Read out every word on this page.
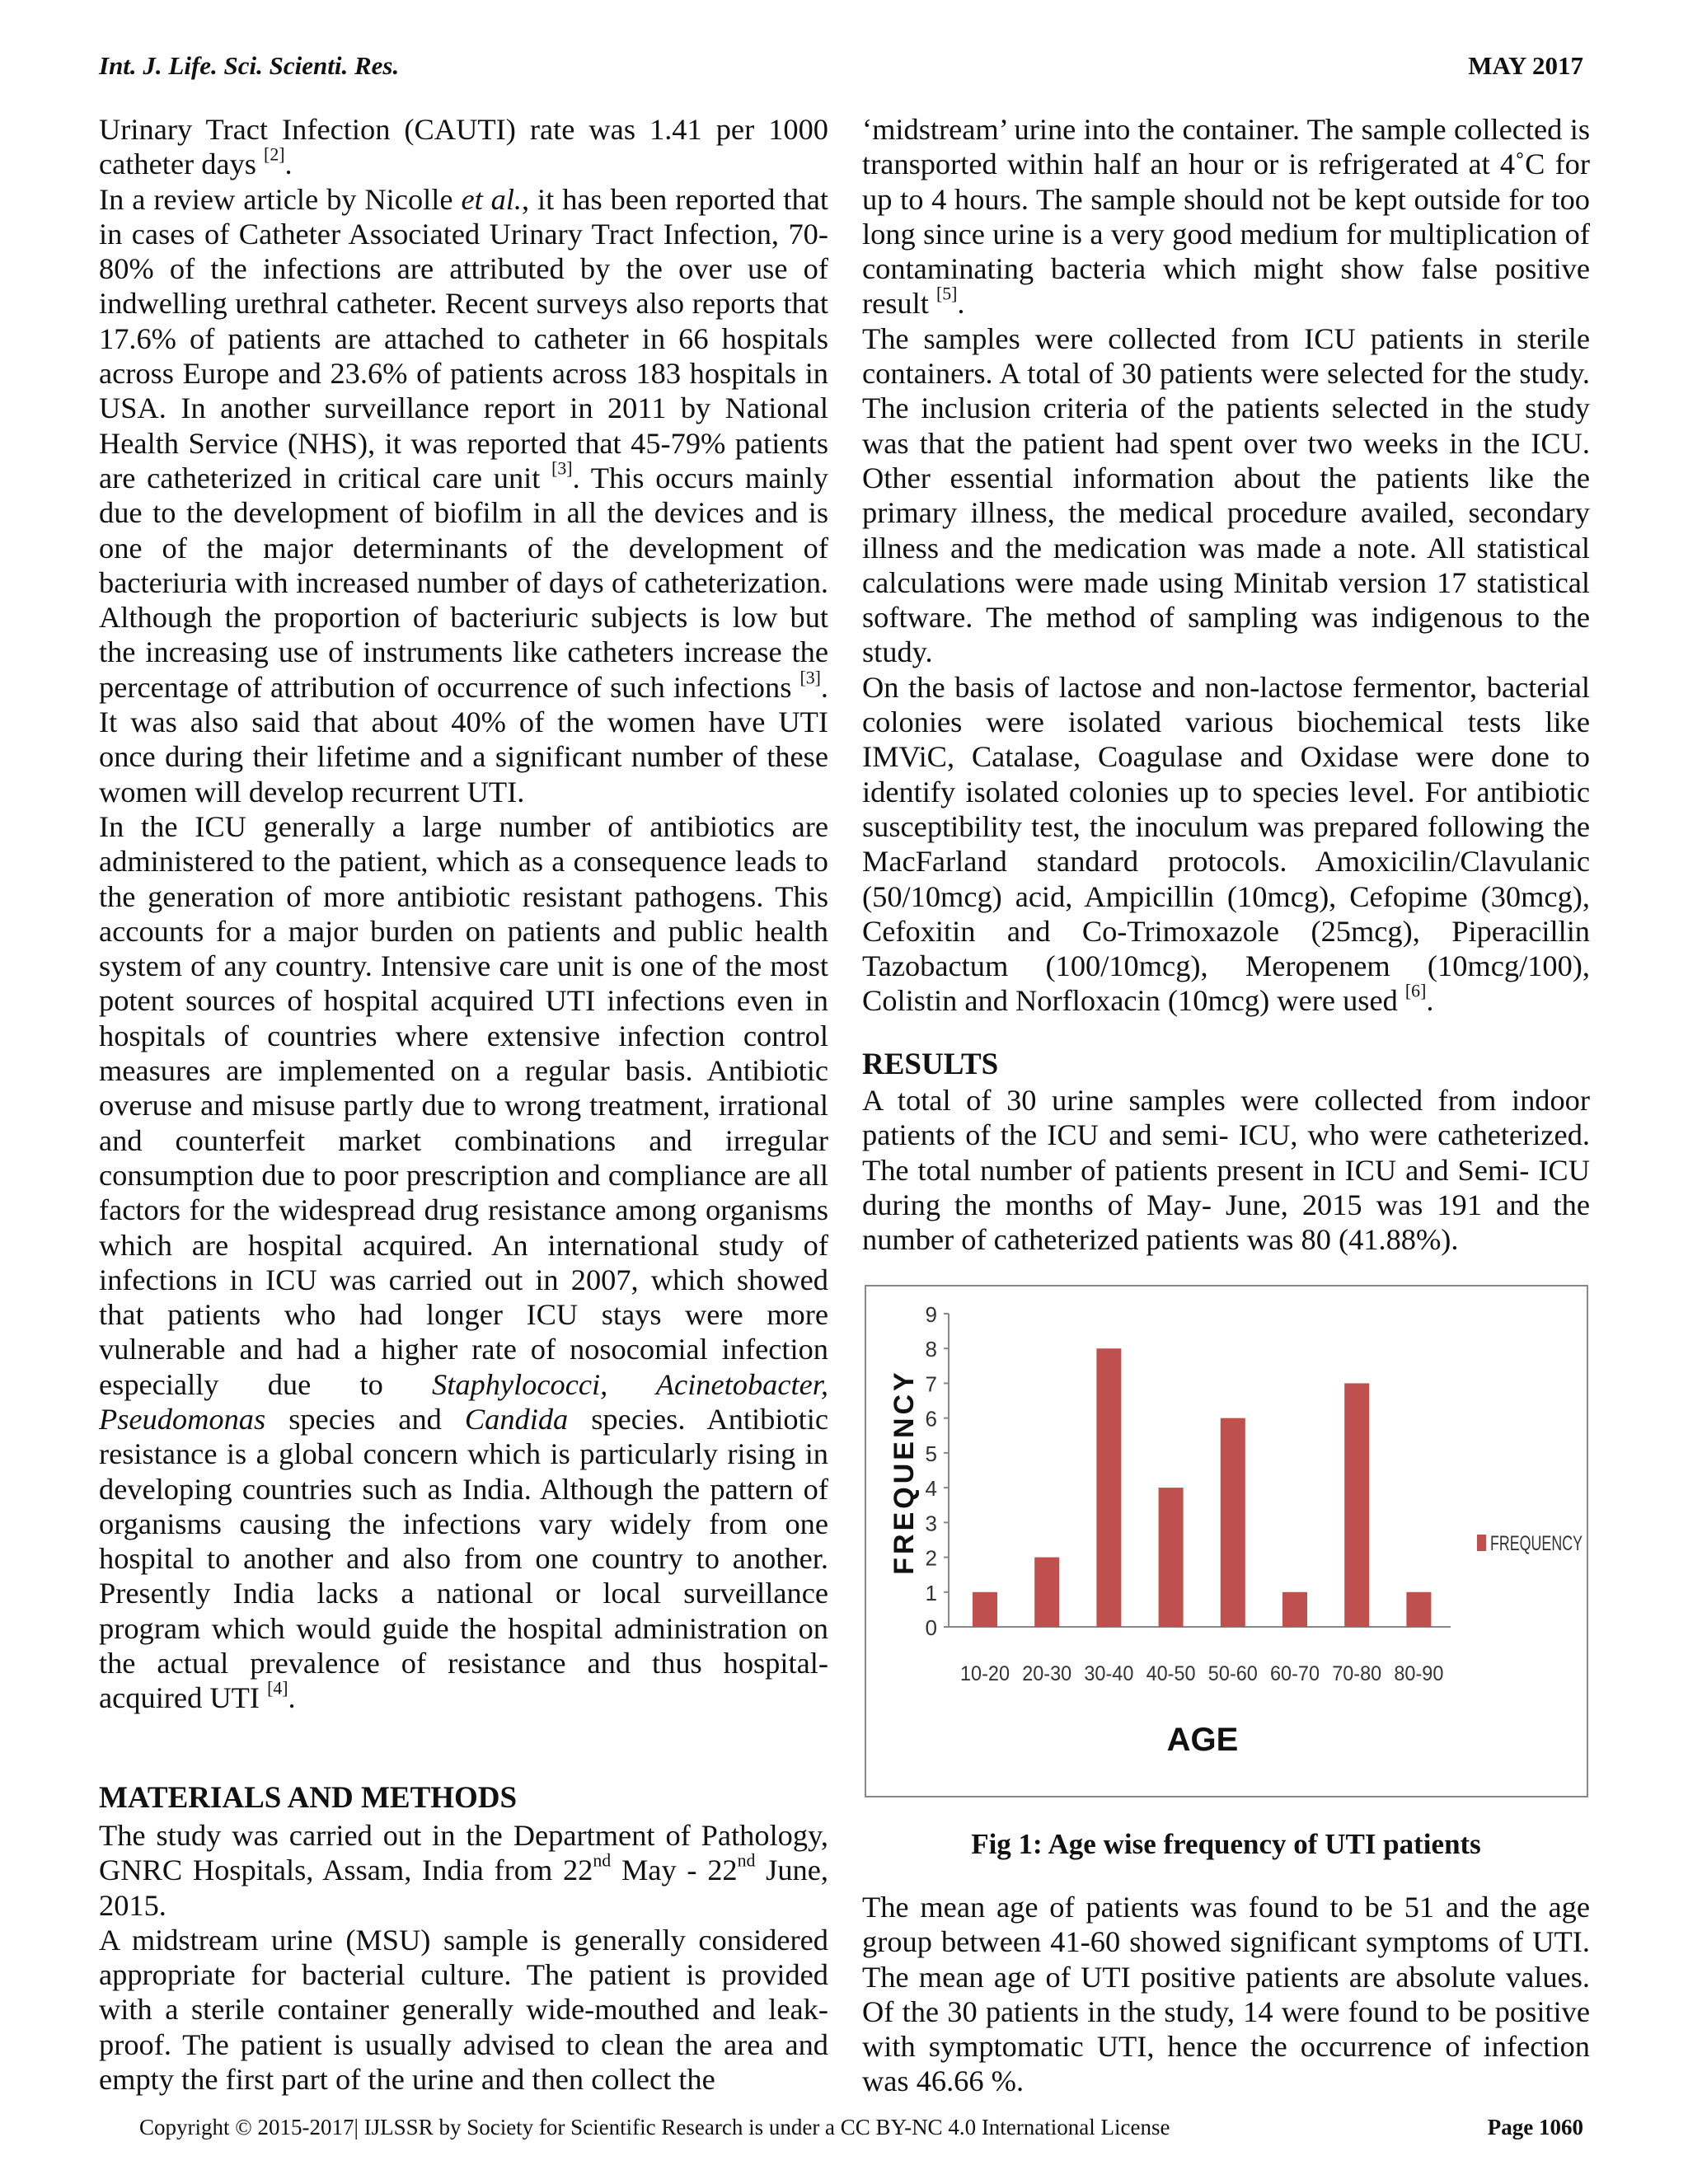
Int. J. Life. Sci. Scienti. Res.	MAY 2017

Urinary Tract Infection (CAUTI) rate was 1.41 per 1000 catheter days [2].

In a review article by Nicolle et al., it has been reported that in cases of Catheter Associated Urinary Tract Infection, 70-80% of the infections are attributed by the over use of indwelling urethral catheter. Recent surveys also reports that 17.6% of patients are attached to catheter in 66 hospitals across Europe and 23.6% of patients across 183 hospitals in USA. In another surveillance report in 2011 by National Health Service (NHS), it was reported that 45-79% patients are catheterized in critical care unit [3]. This occurs mainly due to the development of biofilm in all the devices and is one of the major determinants of the development of bacteriuria with increased number of days of catheterization. Although the proportion of bacteriuric subjects is low but the increasing use of instruments like catheters increase the percentage of attribution of occurrence of such infections [3]. It was also said that about 40% of the women have UTI once during their lifetime and a significant number of these women will develop recurrent UTI.

In the ICU generally a large number of antibiotics are administered to the patient, which as a consequence leads to the generation of more antibiotic resistant pathogens. This accounts for a major burden on patients and public health system of any country. Intensive care unit is one of the most potent sources of hospital acquired UTI infections even in hospitals of countries where extensive infection control measures are implemented on a regular basis. Antibiotic overuse and misuse partly due to wrong treatment, irrational and counterfeit market combinations and irregular consumption due to poor prescription and compliance are all factors for the widespread drug resistance among organisms which are hospital acquired. An international study of infections in ICU was carried out in 2007, which showed that patients who had longer ICU stays were more vulnerable and had a higher rate of nosocomial infection especially due to Staphylococci, Acinetobacter, Pseudomonas species and Candida species. Antibiotic resistance is a global concern which is particularly rising in developing countries such as India. Although the pattern of organisms causing the infections vary widely from one hospital to another and also from one country to another. Presently India lacks a national or local surveillance program which would guide the hospital administration on the actual prevalence of resistance and thus hospital-acquired UTI [4].

MATERIALS AND METHODS

The study was carried out in the Department of Pathology, GNRC Hospitals, Assam, India from 22nd May - 22nd June, 2015.

A midstream urine (MSU) sample is generally considered appropriate for bacterial culture. The patient is provided with a sterile container generally wide-mouthed and leak-proof. The patient is usually advised to clean the area and empty the first part of the urine and then collect the

‘midstream’ urine into the container. The sample collected is transported within half an hour or is refrigerated at 4˚C for up to 4 hours. The sample should not be kept outside for too long since urine is a very good medium for multiplication of contaminating bacteria which might show false positive result [5].

The samples were collected from ICU patients in sterile containers. A total of 30 patients were selected for the study. The inclusion criteria of the patients selected in the study was that the patient had spent over two weeks in the ICU. Other essential information about the patients like the primary illness, the medical procedure availed, secondary illness and the medication was made a note. All statistical calculations were made using Minitab version 17 statistical software. The method of sampling was indigenous to the study.

On the basis of lactose and non-lactose fermentor, bacterial colonies were isolated various biochemical tests like IMViC, Catalase, Coagulase and Oxidase were done to identify isolated colonies up to species level. For antibiotic susceptibility test, the inoculum was prepared following the MacFarland standard protocols. Amoxicilin/Clavulanic (50/10mcg) acid, Ampicillin (10mcg), Cefopime (30mcg), Cefoxitin and Co-Trimoxazole (25mcg), Piperacillin Tazobactum (100/10mcg), Meropenem (10mcg/100), Colistin and Norfloxacin (10mcg) were used [6].

RESULTS

A total of 30 urine samples were collected from indoor patients of the ICU and semi- ICU, who were catheterized. The total number of patients present in ICU and Semi- ICU during the months of May- June, 2015 was 191 and the number of catheterized patients was 80 (41.88%).

0
1
2
3
4
5
6
7
8
9
10-20 20-30 30-40 40-50 50-60 60-70 70-80 80-90
AGE
FREQUENCY	FREQUENCY
Fig 1: Age wise frequency of UTI patients

The mean age of patients was found to be 51 and the age group between 41-60 showed significant symptoms of UTI. The mean age of UTI positive patients are absolute values. Of the 30 patients in the study, 14 were found to be positive with symptomatic UTI, hence the occurrence of infection was 46.66 %.

Copyright © 2015-2017| IJLSSR by Society for Scientific Research is under a CC BY-NC 4.0 International License	Page 1060
